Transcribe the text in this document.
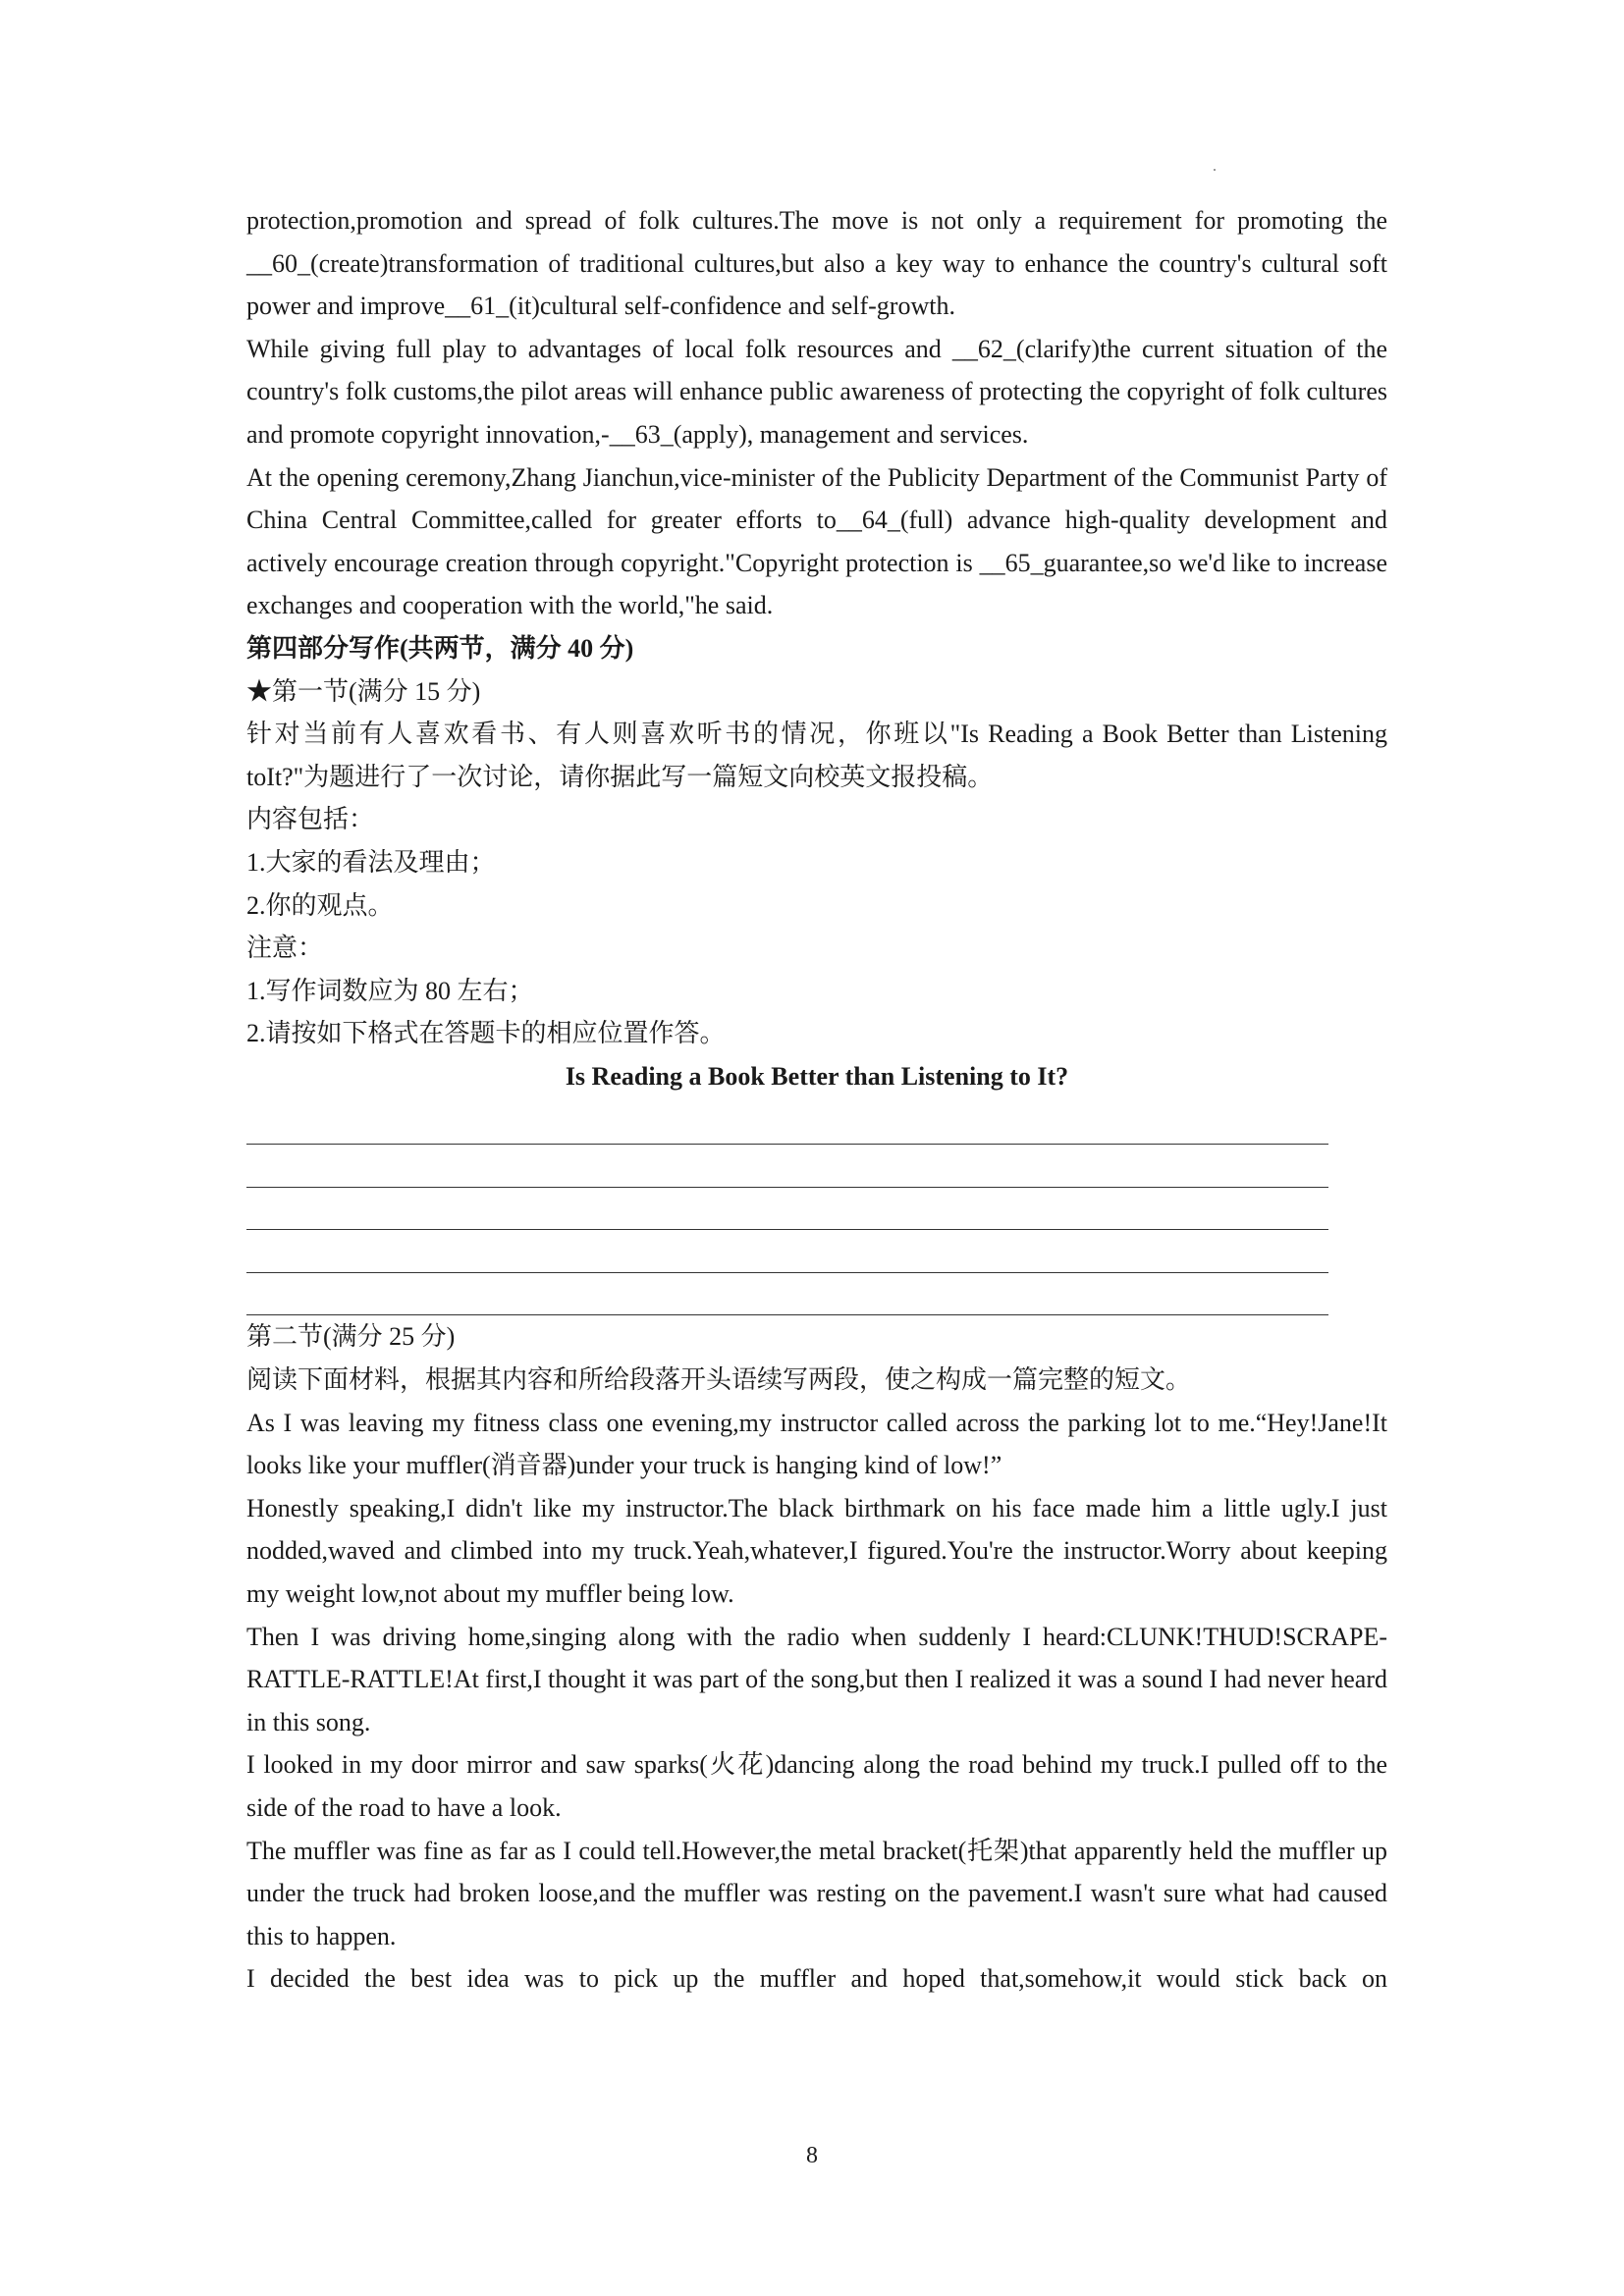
protection,promotion and spread of folk cultures.The move is not only a requirement for promoting the __60_(create)transformation of traditional cultures,but also a key way to enhance the country's cultural soft power and improve__61_(it)cultural self-confidence and self-growth.

While giving full play to advantages of local folk resources and __62_(clarify)the current situation of the country's folk customs,the pilot areas will enhance public awareness of protecting the copyright of folk cultures and promote copyright innovation,-__63_(apply), management and services.

At the opening ceremony,Zhang Jianchun,vice-minister of the Publicity Department of the Communist Party of China Central Committee,called for greater efforts to__64_(full) advance high-quality development and actively encourage creation through copyright."Copyright protection is __65_guarantee,so we'd like to increase exchanges and cooperation with the world,"he said.

第四部分写作(共两节，满分 40 分)

★第一节(满分 15 分)

针对当前有人喜欢看书、有人则喜欢听书的情况，你班以"Is Reading a Book Better than Listening toIt?"为题进行了一次讨论，请你据此写一篇短文向校英文报投稿。

内容包括：

1.大家的看法及理由；

2.你的观点。

注意：

1.写作词数应为 80 左右；

2.请按如下格式在答题卡的相应位置作答。

Is Reading a Book Better than Listening to It?

第二节(满分 25 分)

阅读下面材料，根据其内容和所给段落开头语续写两段，使之构成一篇完整的短文。

As I was leaving my fitness class one evening,my instructor called across the parking lot to me.“Hey!Jane!It looks like your muffler(消音器)under your truck is hanging kind of low!”

Honestly speaking,I didn't like my instructor.The black birthmark on his face made him a little ugly.I just nodded,waved and climbed into my truck.Yeah,whatever,I figured.You're the instructor.Worry about keeping my weight low,not about my muffler being low.

Then I was driving home,singing along with the radio when suddenly I heard:CLUNK!THUD!SCRAPE-RATTLE-RATTLE!At first,I thought it was part of the song,but then I realized it was a sound I had never heard in this song.

I looked in my door mirror and saw sparks(火花)dancing along the road behind my truck.I pulled off to the side of the road to have a look.

The muffler was fine as far as I could tell.However,the metal bracket(托架)that apparently held the muffler up under the truck had broken loose,and the muffler was resting on the pavement.I wasn't sure what had caused this to happen.

I decided the best idea was to pick up the muffler and hoped that,somehow,it would stick back on

8
